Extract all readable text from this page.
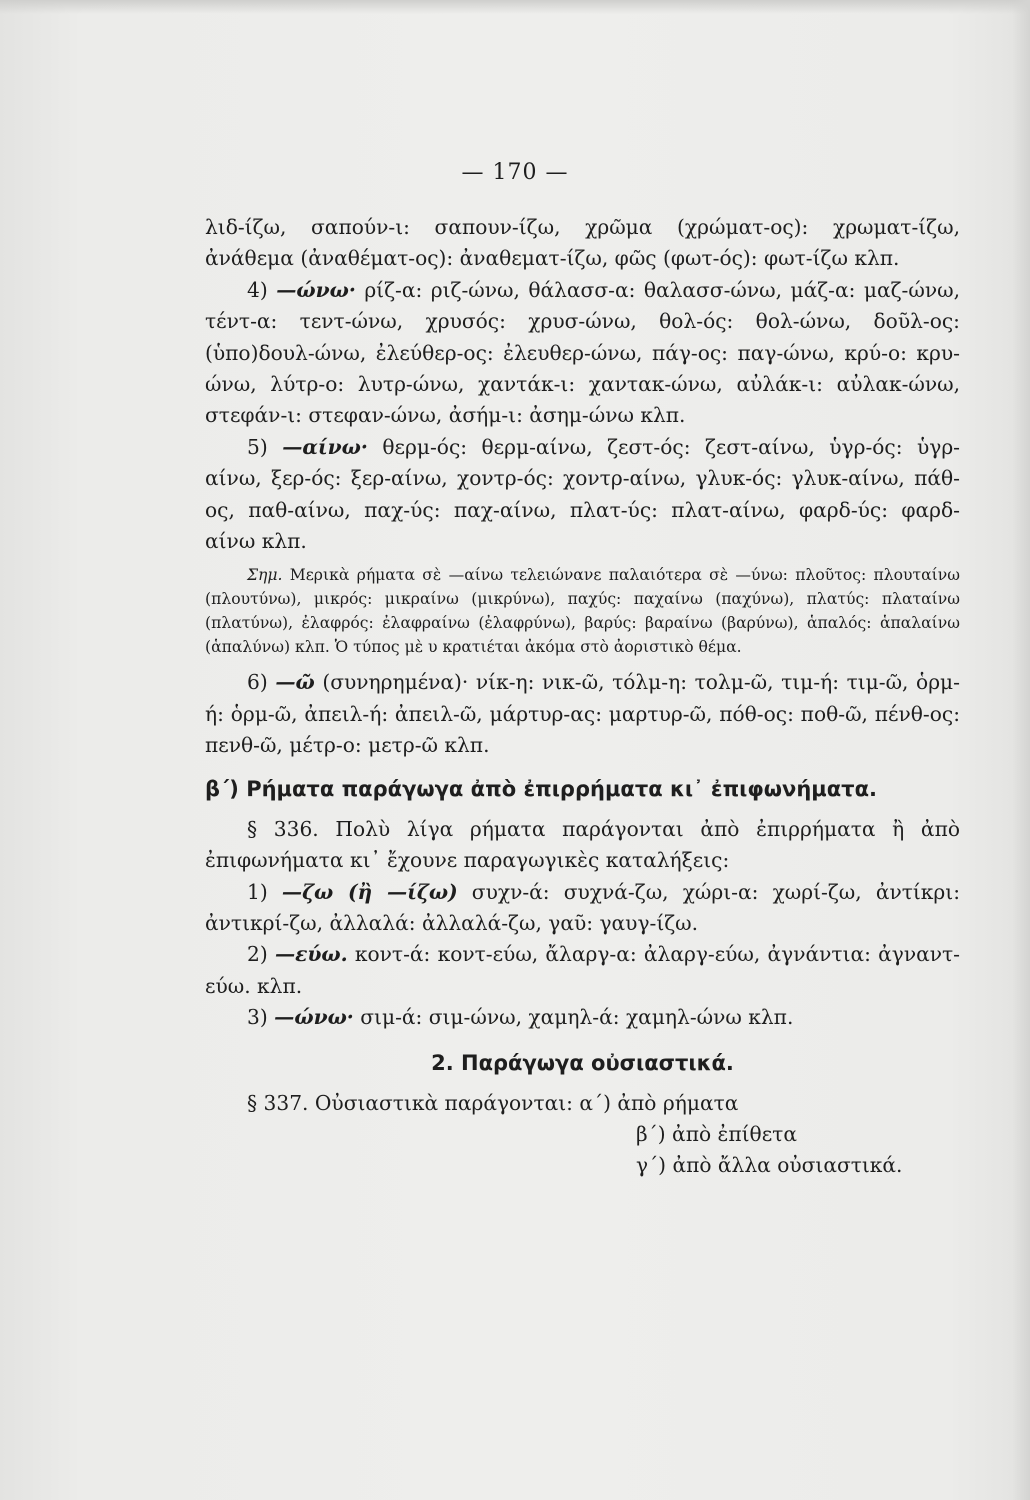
— 170 —

λιδ-ίζω, σαπούν-ι: σαπουν-ίζω, χρῶμα (χρώματ-ος): χρωματ-ίζω, ἀνάθεμα (ἀναθέματ-ος): ἀναθεματ-ίζω, φῶς (φωτ-ός): φωτ-ίζω κλπ.

4) —ώνω· ρίζ-α: ριζ-ώνω, θάλασσ-α: θαλασσ-ώνω, μάζ-α: μαζ-ώνω, τέντ-α: τεντ-ώνω, χρυσός: χρυσ-ώνω, θολ-ός: θολ-ώνω, δοῦλ-ος: (ὑπο)δουλ-ώνω, ἐλεύθερ-ος: ἐλευθερ-ώνω, πάγ-ος: παγ-ώνω, κρύ-ο: κρυ-ώνω, λύτρ-ο: λυτρ-ώνω, χαντάκ-ι: χαντακ-ώνω, αὐλάκ-ι: αὐλακ-ώνω, στεφάν-ι: στεφαν-ώνω, ἀσήμ-ι: ἀσημ-ώνω κλπ.

5) —αίνω· θερμ-ός: θερμ-αίνω, ζεστ-ός: ζεστ-αίνω, ὑγρ-ός: ὑγρ-αίνω, ξερ-ός: ξερ-αίνω, χοντρ-ός: χοντρ-αίνω, γλυκ-ός: γλυκ-αίνω, πάθ-ος, παθ-αίνω, παχ-ύς: παχ-αίνω, πλατ-ύς: πλατ-αίνω, φαρδ-ύς: φαρδ-αίνω κλπ.

Σημ. Μερικὰ ρήματα σὲ —αίνω τελειώνανε παλαιότερα σὲ —ύνω: πλοῦτος: πλουταίνω (πλουτύνω), μικρός: μικραίνω (μικρύνω), παχύς: παχαίνω (παχύνω), πλατύς: πλαταίνω (πλατύνω), ἐλαφρός: ἐλαφραίνω (ἐλαφρύνω), βαρύς: βαραίνω (βαρύνω), ἁπαλός: ἁπαλαίνω (ἁπαλύνω) κλπ. Ὁ τύπος μὲ υ κρατιέται ἀκόμα στὸ ἀοριστικὸ θέμα.

6) —ῶ (συνηρημένα)· νίκ-η: νικ-ῶ, τόλμ-η: τολμ-ῶ, τιμ-ή: τιμ-ῶ, ὁρμ-ή: ὁρμ-ῶ, ἀπειλ-ή: ἀπειλ-ῶ, μάρτυρ-ας: μαρτυρ-ῶ, πόθ-ος: ποθ-ῶ, πένθ-ος: πενθ-ῶ, μέτρ-ο: μετρ-ῶ κλπ.

β΄) Ρήματα παράγωγα ἀπὸ ἐπιρρήματα κι᾽ ἐπιφωνήματα.

§ 336. Πολὺ λίγα ρήματα παράγονται ἀπὸ ἐπιρρήματα ἢ ἀπὸ ἐπιφωνήματα κι᾽ ἔχουνε παραγωγικὲς καταλήξεις:

1) —ζω (ἢ —ίζω) συχν-ά: συχνά-ζω, χώρι-α: χωρί-ζω, ἀντίκρι: ἀντικρί-ζω, ἀλλαλά: ἀλλαλά-ζω, γαῦ: γαυγ-ίζω.

2) —εύω. κοντ-ά: κοντ-εύω, ἄλαργ-α: ἀλαργ-εύω, ἀγνάντια: ἀγναντ-εύω. κλπ.

3) —ώνω· σιμ-ά: σιμ-ώνω, χαμηλ-ά: χαμηλ-ώνω κλπ.

2. Παράγωγα οὐσιαστικά.

§ 337. Οὐσιαστικὰ παράγονται: α΄) ἀπὸ ρήματα

β΄) ἀπὸ ἐπίθετα

γ΄) ἀπὸ ἄλλα οὐσιαστικά.
